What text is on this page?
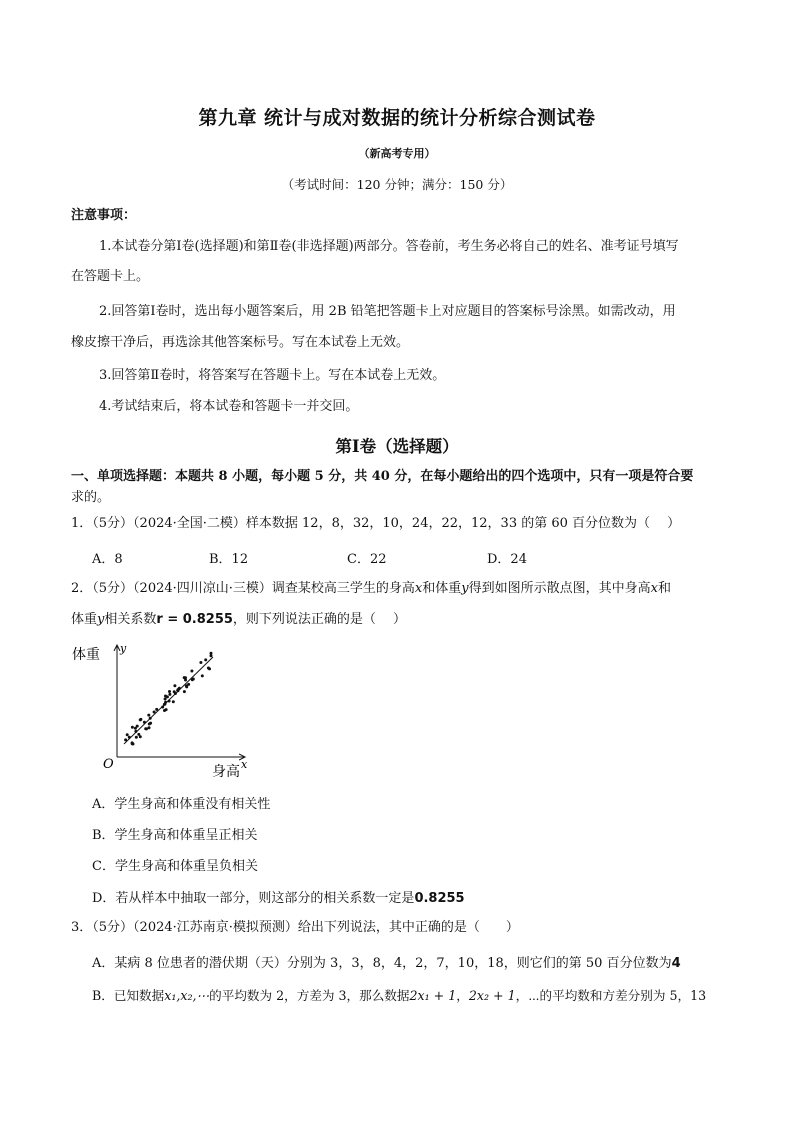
第九章 统计与成对数据的统计分析综合测试卷
（新高考专用）
（考试时间：120 分钟；满分：150 分）
注意事项：
1.本试卷分第Ⅰ卷(选择题)和第Ⅱ卷(非选择题)两部分。答卷前，考生务必将自己的姓名、准考证号填写
在答题卡上。
2.回答第Ⅰ卷时，选出每小题答案后，用 2B 铅笔把答题卡上对应题目的答案标号涂黑。如需改动，用
橡皮擦干净后，再选涂其他答案标号。写在本试卷上无效。
3.回答第Ⅱ卷时，将答案写在答题卡上。写在本试卷上无效。
4.考试结束后，将本试卷和答题卡一并交回。
第Ⅰ卷（选择题）
一、单项选择题：本题共 8 小题，每小题 5 分，共 40 分，在每小题给出的四个选项中，只有一项是符合要
求的。
1．（5分）（2024·全国·二模）样本数据 12，8，32，10，24，22，12，33 的第 60 百分位数为（　 ）
A．8	B．12	C．22	D．24
2．（5分）（2024·四川凉山·三模）调查某校高三学生的身高x和体重y得到如图所示散点图，其中身高x和
体重y相关系数r = 0.8255，则下列说法正确的是（　 ）
y
x
O
体重
身高
A．学生身高和体重没有相关性
B．学生身高和体重呈正相关
C．学生身高和体重呈负相关
D．若从样本中抽取一部分，则这部分的相关系数一定是0.8255
3．（5分）（2024·江苏南京·模拟预测）给出下列说法，其中正确的是（　　）
A．某病 8 位患者的潜伏期（天）分别为 3，3，8，4，2，7，10，18，则它们的第 50 百分位数为4
B．已知数据x₁,x₂,⋯的平均数为 2，方差为 3，那么数据2x₁ + 1，2x₂ + 1，⋯的平均数和方差分别为 5，13
